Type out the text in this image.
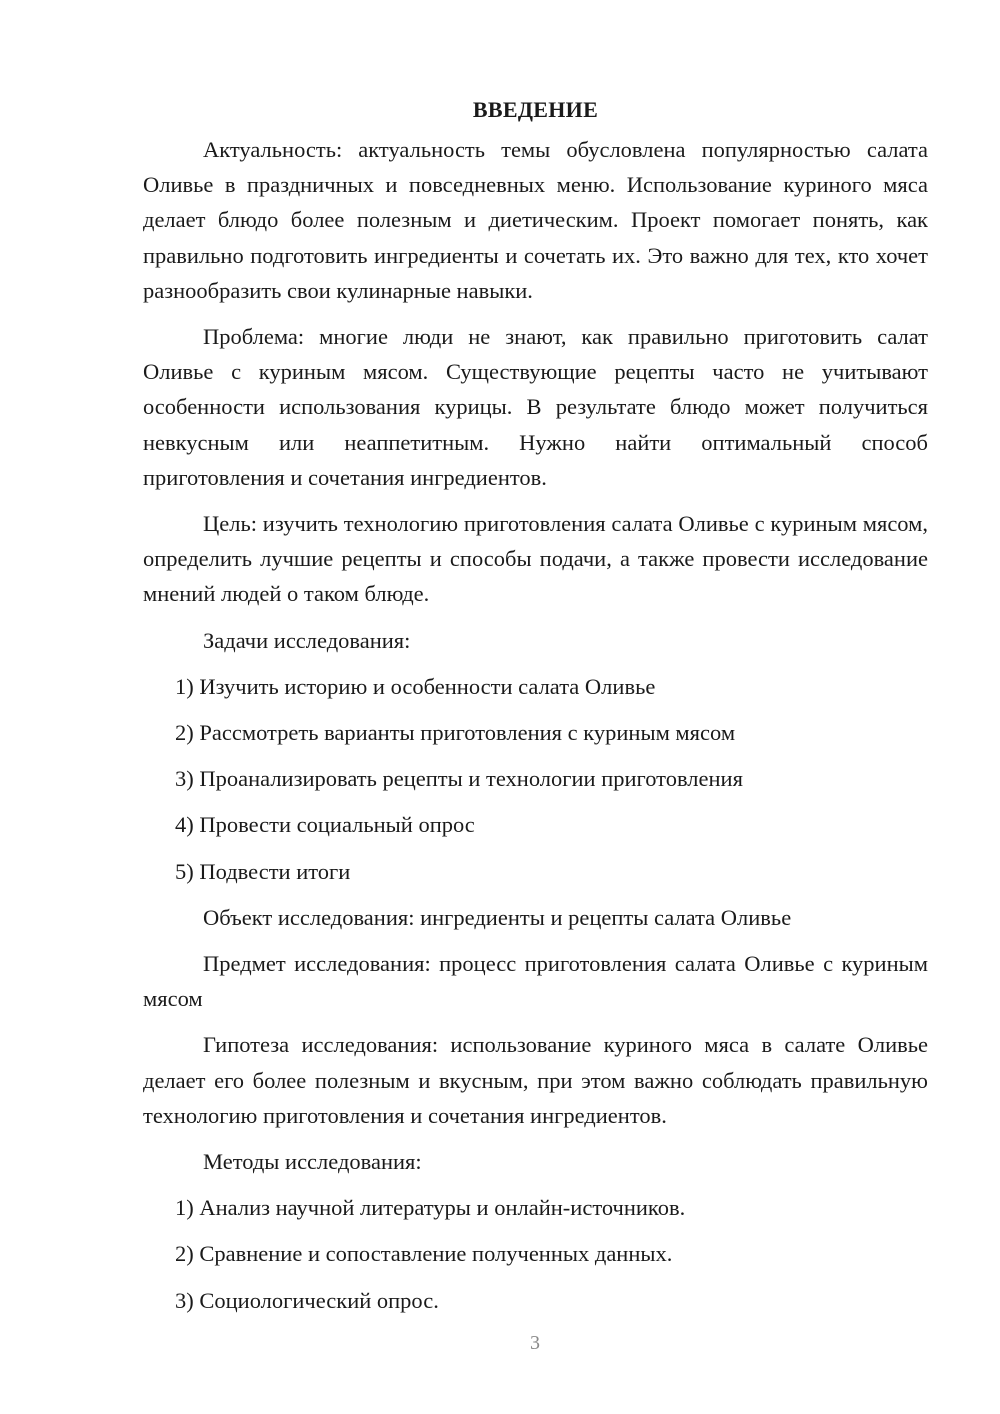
ВВЕДЕНИЕ

Актуальность: актуальность темы обусловлена популярностью салата Оливье в праздничных и повседневных меню. Использование куриного мяса делает блюдо более полезным и диетическим. Проект помогает понять, как правильно подготовить ингредиенты и сочетать их. Это важно для тех, кто хочет разнообразить свои кулинарные навыки.

Проблема: многие люди не знают, как правильно приготовить салат Оливье с куриным мясом. Существующие рецепты часто не учитывают особенности использования курицы. В результате блюдо может получиться невкусным или неаппетитным. Нужно найти оптимальный способ приготовления и сочетания ингредиентов.

Цель: изучить технологию приготовления салата Оливье с куриным мясом, определить лучшие рецепты и способы подачи, а также провести исследование мнений людей о таком блюде.

Задачи исследования:

1) Изучить историю и особенности салата Оливье

2) Рассмотреть варианты приготовления с куриным мясом

3) Проанализировать рецепты и технологии приготовления

4) Провести социальный опрос

5) Подвести итоги

Объект исследования: ингредиенты и рецепты салата Оливье

Предмет исследования: процесс приготовления салата Оливье с куриным мясом

Гипотеза исследования: использование куриного мяса в салате Оливье делает его более полезным и вкусным, при этом важно соблюдать правильную технологию приготовления и сочетания ингредиентов.

Методы исследования:

1) Анализ научной литературы и онлайн-источников.

2) Сравнение и сопоставление полученных данных.

3) Социологический опрос.

3
